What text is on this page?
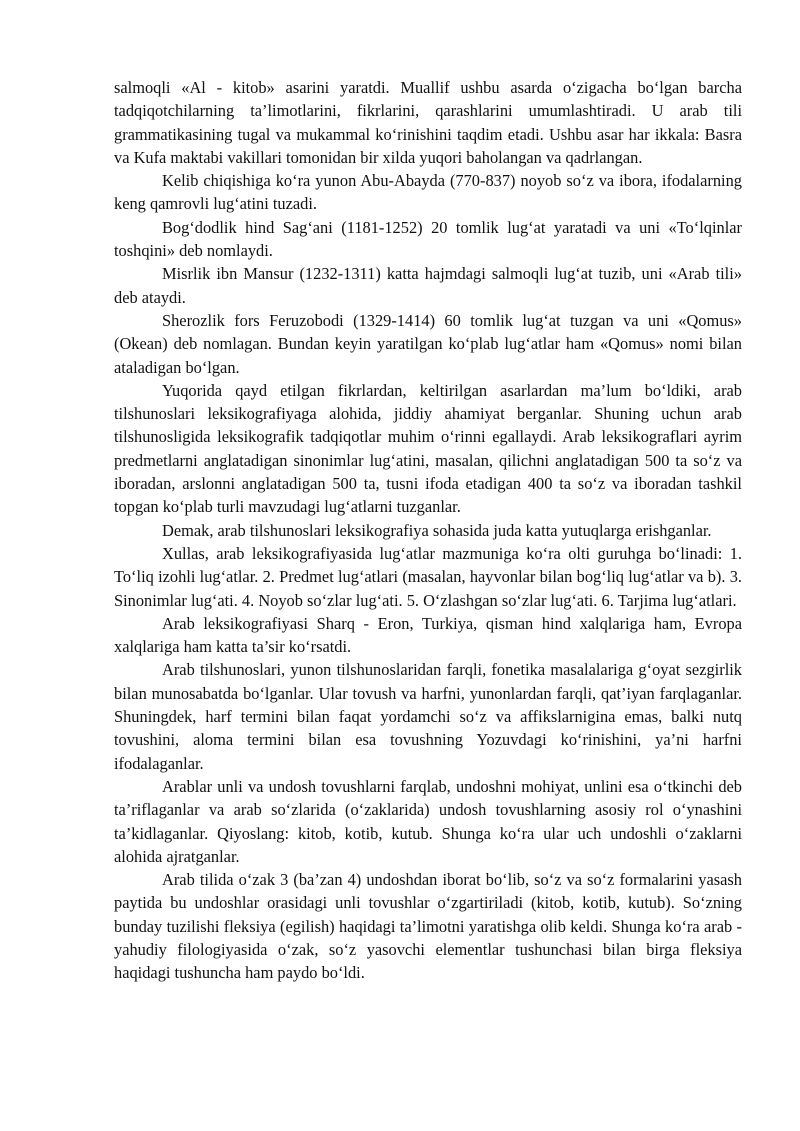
salmoqli «Al - kitob» asarini yaratdi. Muallif ushbu asarda o‘zigacha bo‘lgan barcha tadqiqotchilarning ta’limotlarini, fikrlarini, qarashlarini umumlashtiradi. U arab tili grammatikasining tugal va mukammal ko‘rinishini taqdim etadi. Ushbu asar har ikkala: Basra va Kufa maktabi vakillari tomonidan bir xilda yuqori baholangan va qadrlangan.

Kelib chiqishiga ko‘ra yunon Abu-Abayda (770-837) noyob so‘z va ibora, ifodalarning keng qamrovli lug‘atini tuzadi.

Bog‘dodlik hind Sag‘ani (1181-1252) 20 tomlik lug‘at yaratadi va uni «To‘lqinlar toshqini» deb nomlaydi.

Misrlik ibn Mansur (1232-1311) katta hajmdagi salmoqli lug‘at tuzib, uni «Arab tili» deb ataydi.

Sherozlik fors Feruzobodi (1329-1414) 60 tomlik lug‘at tuzgan va uni «Qomus» (Okean) deb nomlagan. Bundan keyin yaratilgan ko‘plab lug‘atlar ham «Qomus» nomi bilan ataladigan bo‘lgan.

Yuqorida qayd etilgan fikrlardan, keltirilgan asarlardan ma’lum bo‘ldiki, arab tilshunoslari leksikografiyaga alohida, jiddiy ahamiyat berganlar. Shuning uchun arab tilshunosligida leksikografik tadqiqotlar muhim o‘rinni egallaydi. Arab leksikograflari ayrim predmetlarni anglatadigan sinonimlar lug‘atini, masalan, qilichni anglatadigan 500 ta so‘z va iboradan, arslonni anglatadigan 500 ta, tusni ifoda etadigan 400 ta so‘z va iboradan tashkil topgan ko‘plab turli mavzudagi lug‘atlarni tuzganlar.

Demak, arab tilshunoslari leksikografiya sohasida juda katta yutuqlarga erishganlar.

Xullas, arab leksikografiyasida lug‘atlar mazmuniga ko‘ra olti guruhga bo‘linadi: 1. To‘liq izohli lug‘atlar. 2. Predmet lug‘atlari (masalan, hayvonlar bilan bog‘liq lug‘atlar va b). 3. Sinonimlar lug‘ati. 4. Noyob so‘zlar lug‘ati. 5. O‘zlashgan so‘zlar lug‘ati. 6. Tarjima lug‘atlari.

Arab leksikografiyasi Sharq - Eron, Turkiya, qisman hind xalqlariga ham, Evropa xalqlariga ham katta ta’sir ko‘rsatdi.

Arab tilshunoslari, yunon tilshunoslaridan farqli, fonetika masalalariga g‘oyat sezgirlik bilan munosabatda bo‘lganlar. Ular tovush va harfni, yunonlardan farqli, qat’iyan farqlaganlar. Shuningdek, harf termini bilan faqat yordamchi so‘z va affikslarnigina emas, balki nutq tovushini, aloma termini bilan esa tovushning Yozuvdagi ko‘rinishini, ya’ni harfni ifodalaganlar.

Arablar unli va undosh tovushlarni farqlab, undoshni mohiyat, unlini esa o‘tkinchi deb ta’riflaganlar va arab so‘zlarida (o‘zaklarida) undosh tovushlarning asosiy rol o‘ynashini ta’kidlaganlar. Qiyoslang: kitob, kotib, kutub. Shunga ko‘ra ular uch undoshli o‘zaklarni alohida ajratganlar.

Arab tilida o‘zak 3 (ba’zan 4) undoshdan iborat bo‘lib, so‘z va so‘z formalarini yasash paytida bu undoshlar orasidagi unli tovushlar o‘zgartiriladi (kitob, kotib, kutub). So‘zning bunday tuzilishi fleksiya (egilish) haqidagi ta’limotni yaratishga olib keldi. Shunga ko‘ra arab - yahudiy filologiyasida o‘zak, so‘z yasovchi elementlar tushunchasi bilan birga fleksiya haqidagi tushuncha ham paydo bo‘ldi.
